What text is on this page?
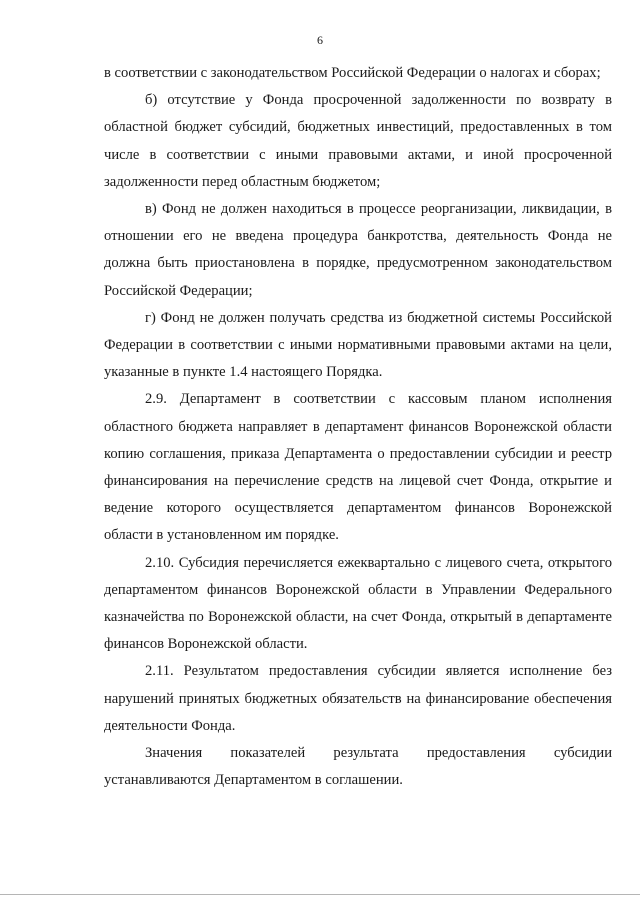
6

в соответствии с законодательством Российской Федерации о налогах и сборах;

б) отсутствие у Фонда просроченной задолженности по возврату в областной бюджет субсидий, бюджетных инвестиций, предоставленных в том числе в соответствии с иными правовыми актами, и иной просроченной задолженности перед областным бюджетом;

в) Фонд не должен находиться в процессе реорганизации, ликвидации, в отношении его не введена процедура банкротства, деятельность Фонда не должна быть приостановлена в порядке, предусмотренном законодательством Российской Федерации;

г) Фонд не должен получать средства из бюджетной системы Российской Федерации в соответствии с иными нормативными правовыми актами на цели, указанные в пункте 1.4 настоящего Порядка.

2.9. Департамент в соответствии с кассовым планом исполнения областного бюджета направляет в департамент финансов Воронежской области копию соглашения, приказа Департамента о предоставлении субсидии и реестр финансирования на перечисление средств на лицевой счет Фонда, открытие и ведение которого осуществляется департаментом финансов Воронежской области в установленном им порядке.

2.10. Субсидия перечисляется ежеквартально с лицевого счета, открытого департаментом финансов Воронежской области в Управлении Федерального казначейства по Воронежской области, на счет Фонда, открытый в департаменте финансов Воронежской области.

2.11. Результатом предоставления субсидии является исполнение без нарушений принятых бюджетных обязательств на финансирование обеспечения деятельности Фонда.

Значения показателей результата предоставления субсидии устанавливаются Департаментом в соглашении.
